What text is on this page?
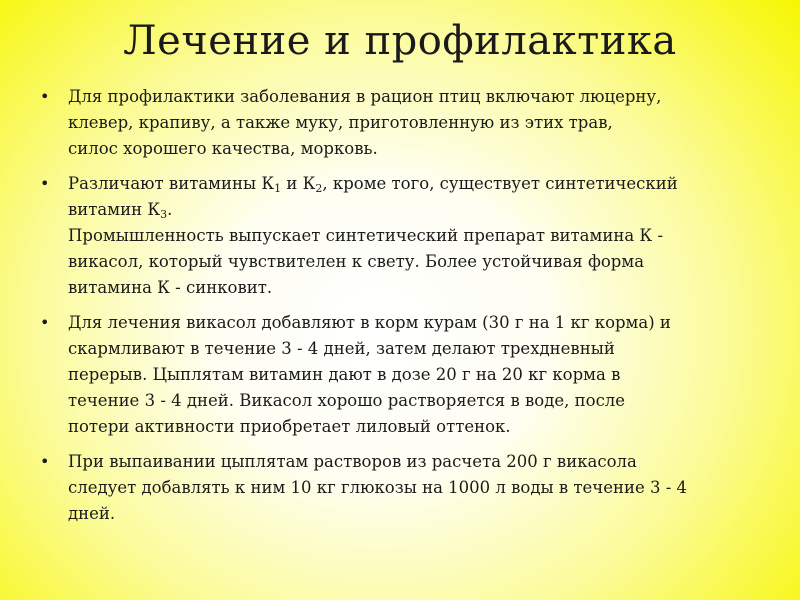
Лечение и профилактика
• Для профилактики заболевания в рацион птиц включают люцерну,
клевер, крапиву, а также муку, приготовленную из этих трав,
силос хорошего качества, морковь.
• Различают витамины $К_1$ и $К_2$, кроме того, существует синтетический
витамин $К_3$.
Промышленность выпускает синтетический препарат витамина К -
викасол, который чувствителен к свету. Более устойчивая форма
витамина К - синковит.
• Для лечения викасол добавляют в корм курам (30 г на 1 кг корма) и
скармливают в течение 3 - 4 дней, затем делают трехдневный
перерыв. Цыплятам витамин дают в дозе 20 г на 20 кг корма в
течение 3 - 4 дней. Викасол хорошо растворяется в воде, после
потери активности приобретает лиловый оттенок.
• При выпаивании цыплятам растворов из расчета 200 г викасола
следует добавлять к ним 10 кг глюкозы на 1000 л воды в течение 3 - 4
дней.
